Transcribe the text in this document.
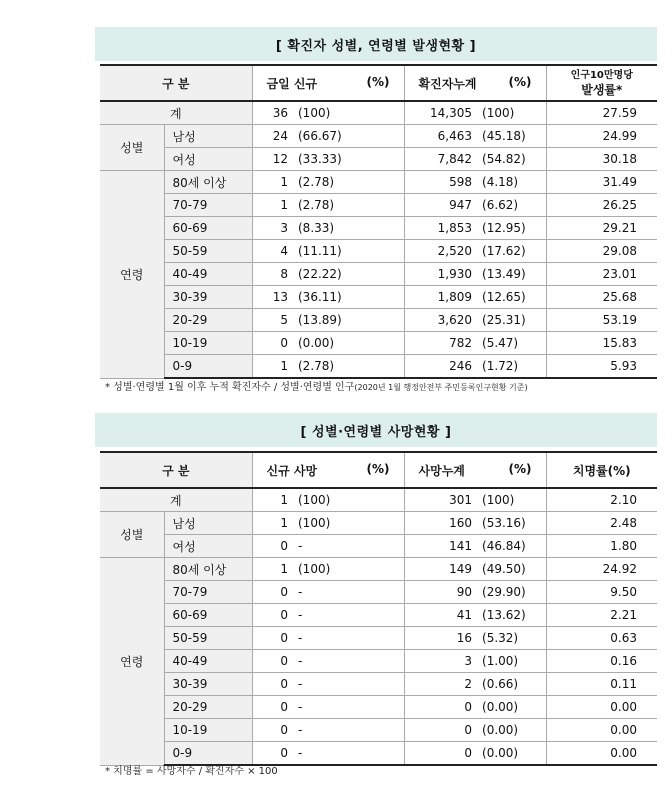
[ 확진자 성별, 연령별 발생현황 ]
구 분		금일 신규 (%)		확진자누계 (%)		인구10만명당
발생률*

계		36	(100)	14,305	(100)	27.59
성별	남성	24	(66.67)	6,463	(45.18)	24.99
	여성	12	(33.33)	7,842	(54.82)	30.18
연령	80세 이상	1	(2.78)	598	(4.18)	31.49
	70-79	1	(2.78)	947	(6.62)	26.25
	60-69	3	(8.33)	1,853	(12.95)	29.21
	50-59	4	(11.11)	2,520	(17.62)	29.08
	40-49	8	(22.22)	1,930	(13.49)	23.01
	30-39	13	(36.11)	1,809	(12.65)	25.68
	20-29	5	(13.89)	3,620	(25.31)	53.19
	10-19	0	(0.00)	782	(5.47)	15.83
	0-9	1	(2.78)	246	(1.72)	5.93
* 성별·연령별 1월 이후 누적 확진자수 / 성별·연령별 인구(2020년 1월 행정안전부 주민등록인구현황 기준)
[ 성별·연령별 사망현황 ]
구 분		신규 사망 (%)		사망누계 (%)		치명률(%)
계		1	(100)	301	(100)	2.10
성별	남성	1	(100)	160	(53.16)	2.48
	여성	0	-	141	(46.84)	1.80
연령	80세 이상	1	(100)	149	(49.50)	24.92
	70-79	0	-	90	(29.90)	9.50
	60-69	0	-	41	(13.62)	2.21
	50-59	0	-	16	(5.32)	0.63
	40-49	0	-	3	(1.00)	0.16
	30-39	0	-	2	(0.66)	0.11
	20-29	0	-	0	(0.00)	0.00
	10-19	0	-	0	(0.00)	0.00
	0-9	0	-	0	(0.00)	0.00
* 치명률 = 사망자수 / 확진자수 × 100
